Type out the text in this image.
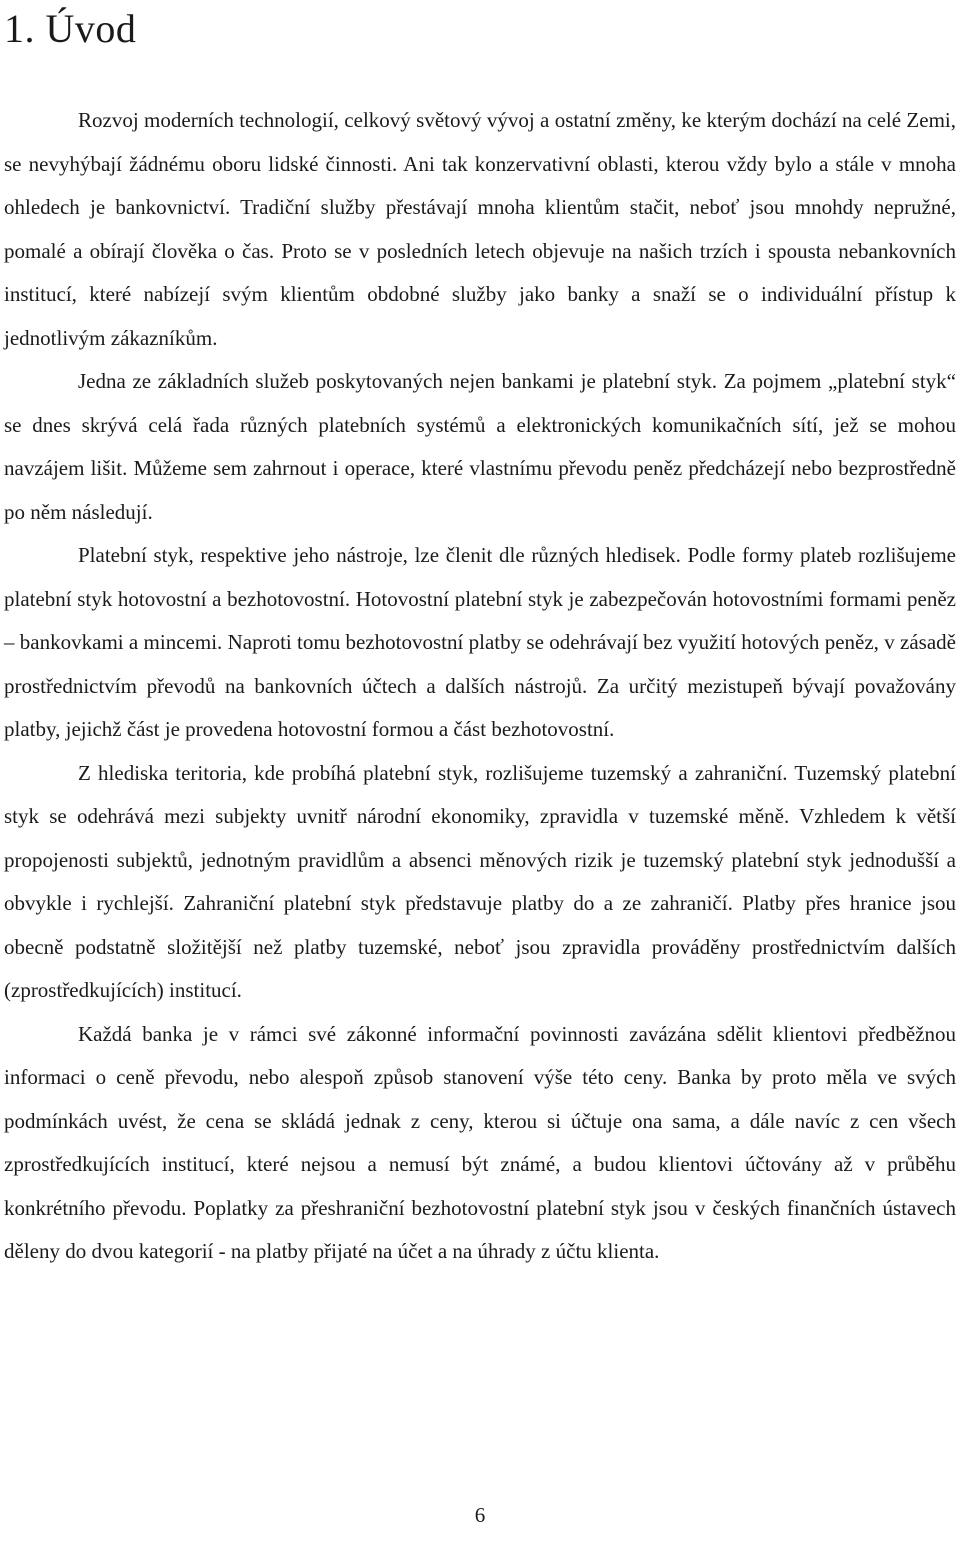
1. Úvod

Rozvoj moderních technologií, celkový světový vývoj a ostatní změny, ke kterým dochází na celé Zemi, se nevyhýbají žádnému oboru lidské činnosti. Ani tak konzervativní oblasti, kterou vždy bylo a stále v mnoha ohledech je bankovnictví. Tradiční služby přestávají mnoha klientům stačit, neboť jsou mnohdy nepružné, pomalé a obírají člověka o čas. Proto se v posledních letech objevuje na našich trzích i spousta nebankovních institucí, které nabízejí svým klientům obdobné služby jako banky a snaží se o individuální přístup k jednotlivým zákazníkům.

Jedna ze základních služeb poskytovaných nejen bankami je platební styk. Za pojmem „platební styk“ se dnes skrývá celá řada různých platebních systémů a elektronických komunikačních sítí, jež se mohou navzájem lišit. Můžeme sem zahrnout i operace, které vlastnímu převodu peněz předcházejí nebo bezprostředně po něm následují.

Platební styk, respektive jeho nástroje, lze členit dle různých hledisek. Podle formy plateb rozlišujeme platební styk hotovostní a bezhotovostní. Hotovostní platební styk je zabezpečován hotovostními formami peněz – bankovkami a mincemi. Naproti tomu bezhotovostní platby se odehrávají bez využití hotových peněz, v zásadě prostřednictvím převodů na bankovních účtech a dalších nástrojů. Za určitý mezistupeň bývají považovány platby, jejichž část je provedena hotovostní formou a část bezhotovostní.

Z hlediska teritoria, kde probíhá platební styk, rozlišujeme tuzemský a zahraniční. Tuzemský platební styk se odehrává mezi subjekty uvnitř národní ekonomiky, zpravidla v tuzemské měně. Vzhledem k větší propojenosti subjektů, jednotným pravidlům a absenci měnových rizik je tuzemský platební styk jednodušší a obvykle i rychlejší. Zahraniční platební styk představuje platby do a ze zahraničí. Platby přes hranice jsou obecně podstatně složitější než platby tuzemské, neboť jsou zpravidla prováděny prostřednictvím dalších (zprostředkujících) institucí.

Každá banka je v rámci své zákonné informační povinnosti zavázána sdělit klientovi předběžnou informaci o ceně převodu, nebo alespoň způsob stanovení výše této ceny. Banka by proto měla ve svých podmínkách uvést, že cena se skládá jednak z ceny, kterou si účtuje ona sama, a dále navíc z cen všech zprostředkujících institucí, které nejsou a nemusí být známé, a budou klientovi účtovány až v průběhu konkrétního převodu. Poplatky za přeshraniční bezhotovostní platební styk jsou v českých finančních ústavech děleny do dvou kategorií - na platby přijaté na účet a na úhrady z účtu klienta.

6
